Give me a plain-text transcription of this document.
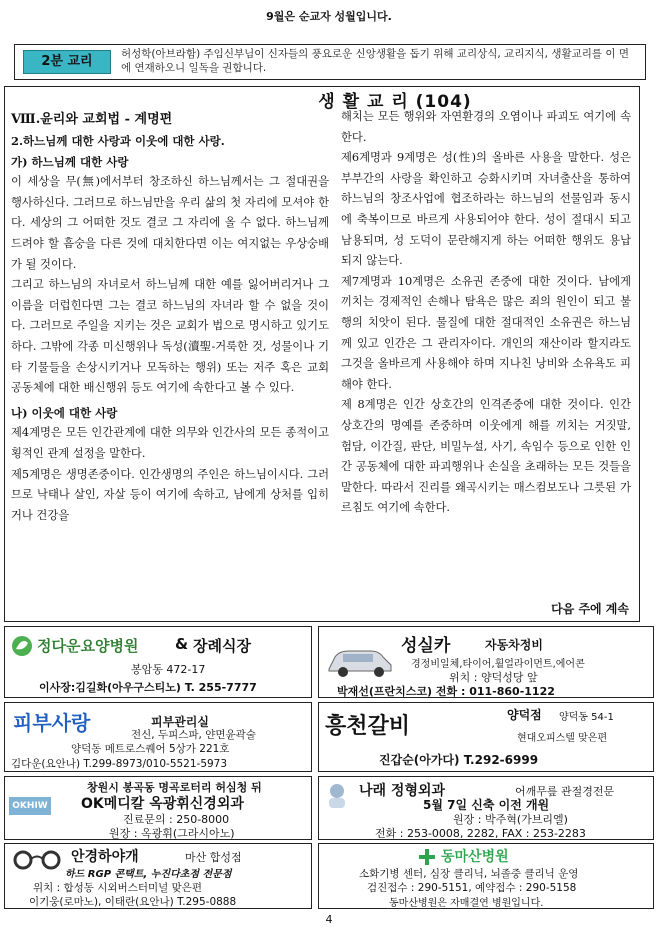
9월은 순교자 성월입니다.
2분 교리	허성학(아브라함) 주임신부님이 신자들의 풍요로운 신앙생활을 돕기 위해 교리상식, 교리지식, 생활교리를 이 면에 연재하오니 일독을 권합니다.
생 활 교 리 (104)

Ⅷ.윤리와 교회법 - 계명편

2.하느님께 대한 사랑과 이웃에 대한 사랑.

가) 하느님께 대한 사랑

이 세상을 무(無)에서부터 창조하신 하느님께서는 그 절대권을 행사하신다. 그러므로 하느님만을 우리 삶의 첫 자리에 모셔야 한다. 세상의 그 어떠한 것도 결코 그 자리에 올 수 없다. 하느님께 드려야 할 흠숭을 다른 것에 대치한다면 이는 여지없는 우상숭배가 될 것이다.

그리고 하느님의 자녀로서 하느님께 대한 예를 잃어버리거나 그 이름을 더럽힌다면 그는 결코 하느님의 자녀라 할 수 없을 것이다. 그러므로 주일을 지키는 것은 교회가 법으로 명시하고 있기도 하다. 그밖에 각종 미신행위나 독성(瀆聖-거룩한 것, 성물이나 기타 기물들을 손상시키거나 모독하는 행위) 또는 저주 혹은 교회 공동체에 대한 배신행위 등도 여기에 속한다고 볼 수 있다.

나) 이웃에 대한 사랑

제4계명은 모든 인간관계에 대한 의무와 인간사의 모든 종적이고 횡적인 관계 설정을 말한다.

제5계명은 생명존중이다. 인간생명의 주인은 하느님이시다. 그러므로 낙태나 살인, 자살 등이 여기에 속하고, 남에게 상처를 입히거나 건강을

해치는 모든 행위와 자연환경의 오염이나 파괴도 여기에 속한다.

제6계명과 9계명은 성(性)의 올바른 사용을 말한다. 성은 부부간의 사랑을 확인하고 승화시키며 자녀출산을 통하여 하느님의 창조사업에 협조하라는 하느님의 선물임과 동시에 축복이므로 바르게 사용되어야 한다. 성이 절대시 되고 남용되며, 성 도덕이 문란해지게 하는 어떠한 행위도 용납되지 않는다.

제7계명과 10계명은 소유권 존중에 대한 것이다. 남에게 끼치는 경제적인 손해나 탐욕은 많은 죄의 원인이 되고 불행의 치앗이 된다. 물질에 대한 절대적인 소유권은 하느님께 있고 인간은 그 관리자이다. 개인의 재산이라 할지라도 그것을 올바르게 사용해야 하며 지나친 낭비와 소유욕도 피해야 한다.

제 8계명은 인간 상호간의 인격존중에 대한 것이다. 인간 상호간의 명예를 존중하며 이웃에게 해를 끼치는 거짓말, 험담, 이간질, 판단, 비밀누설, 사기, 속임수 등으로 인한 인간 공동체에 대한 파괴행위나 손실을 초래하는 모든 것들을 말한다. 따라서 진리를 왜곡시키는 매스컴보도나 그릇된 가르침도 여기에 속한다.

다음 주에 계속
정다운요양병원 & 장례식장
봉암동 472-17
이사장:김길화(아우구스티노) T. 255-7777
성실카	자동차정비
경정비일체,타이어,휠얼라이먼트,에어콘
위치 : 양덕성당 앞
박재선(프란치스코) 전화 : 011-860-1122
피부사랑	피부관리실
전신, 두피스파, 얀면윤곽술
양덕동 메트로스퀘어 5상가 221호
김다운(요안나) T.299-8973/010-5521-5973
흥천갈비	양덕점 양덕동 54-1
현대오피스텔 맞은편
진갑순(아가다) T.292-6999
OKHIW
창원시 봉곡동 명곡로터리 허심청 뒤
OK메디칼 옥광휘신경외과
진료문의 : 250-8000
원장 : 옥광휘(그라시아노)
나래 정형외과	어깨무릎 관절경전문
5월 7일 신축 이전 개원
원장 : 박주혁(가브리엘)
전화 : 253-0008, 2282, FAX : 253-2283
안경하야개	마산 합성점
하드 RGP 콘택트, 누진다초점 전문점
위치 : 합성동 시외버스터미널 맞은편
이기웅(로마노), 이태란(요안나) T.295-0888
동마산병원
소화기병 센터, 심장 클리닉, 뇌졸중 클리닉 운영
검진접수 : 290-5151, 예약접수 : 290-5158
동마산병원은 자매결연 병원입니다.
4
